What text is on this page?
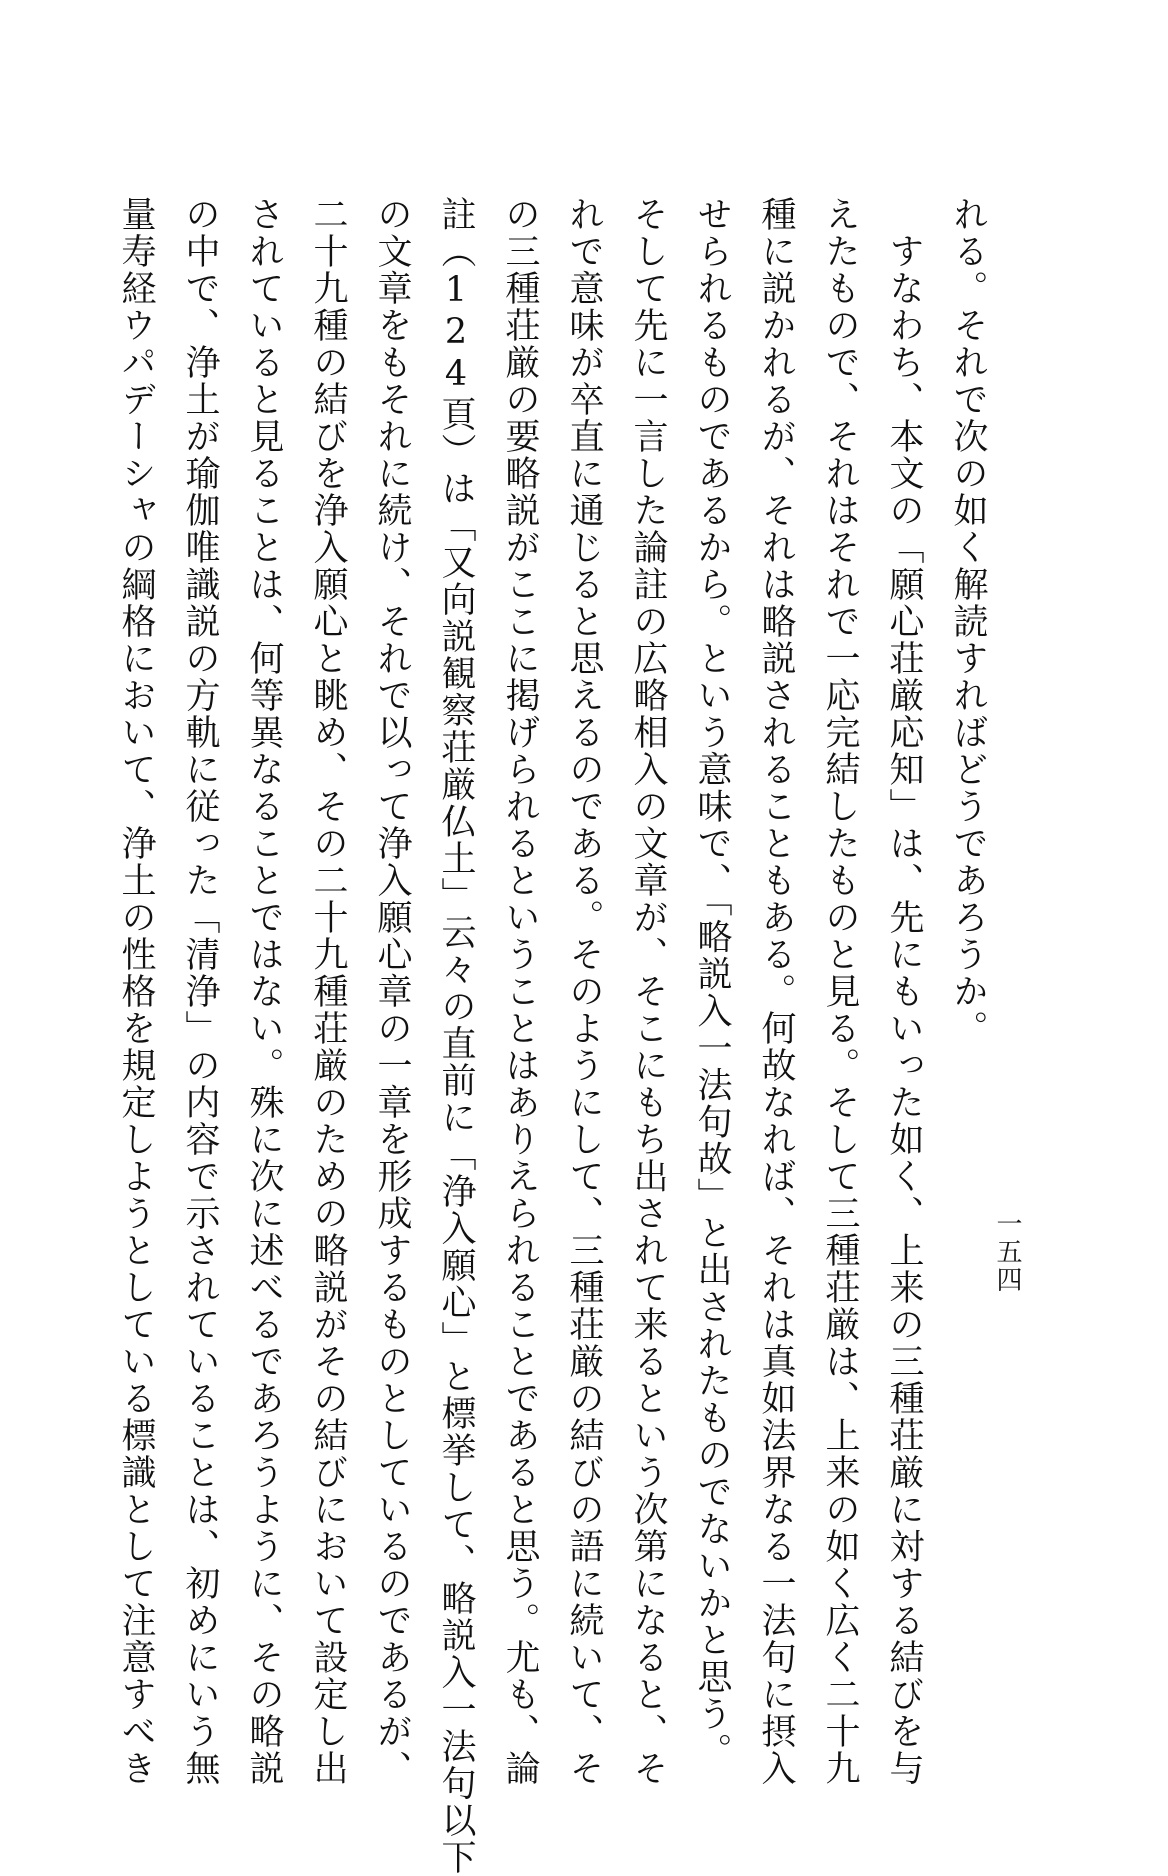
一五四

れる。それで次の如く解読すればどうであろうか。
　すなわち、本文の「願心荘厳応知」は、先にもいった如く、上来の三種荘厳に対する結びを与
えたもので、それはそれで一応完結したものと見る。そして三種荘厳は、上来の如く広く二十九
種に説かれるが、それは略説されることもある。何故なれば、それは真如法界なる一法句に摂入
せられるものであるから。という意味で、「略説入一法句故」と出されたものでないかと思う。
そして先に一言した論註の広略相入の文章が、そこにもち出されて来るという次第になると、そ
れで意味が卒直に通じると思えるのである。そのようにして、三種荘厳の結びの語に続いて、そ
の三種荘厳の要略説がここに掲げられるということはありえられることであると思う。尤も、論
註（124頁）は「又向説観察荘厳仏土」云々の直前に「浄入願心」と標挙して、略説入一法句以下
の文章をもそれに続け、それで以って浄入願心章の一章を形成するものとしているのであるが、
二十九種の結びを浄入願心と眺め、その二十九種荘厳のための略説がその結びにおいて設定し出
されていると見ることは、何等異なることではない。殊に次に述べるであろうように、その略説
の中で、浄土が瑜伽唯識説の方軌に従った「清浄」の内容で示されていることは、初めにいう無
量寿経ウパデーシャの綱格において、浄土の性格を規定しようとしている標識として注意すべき
